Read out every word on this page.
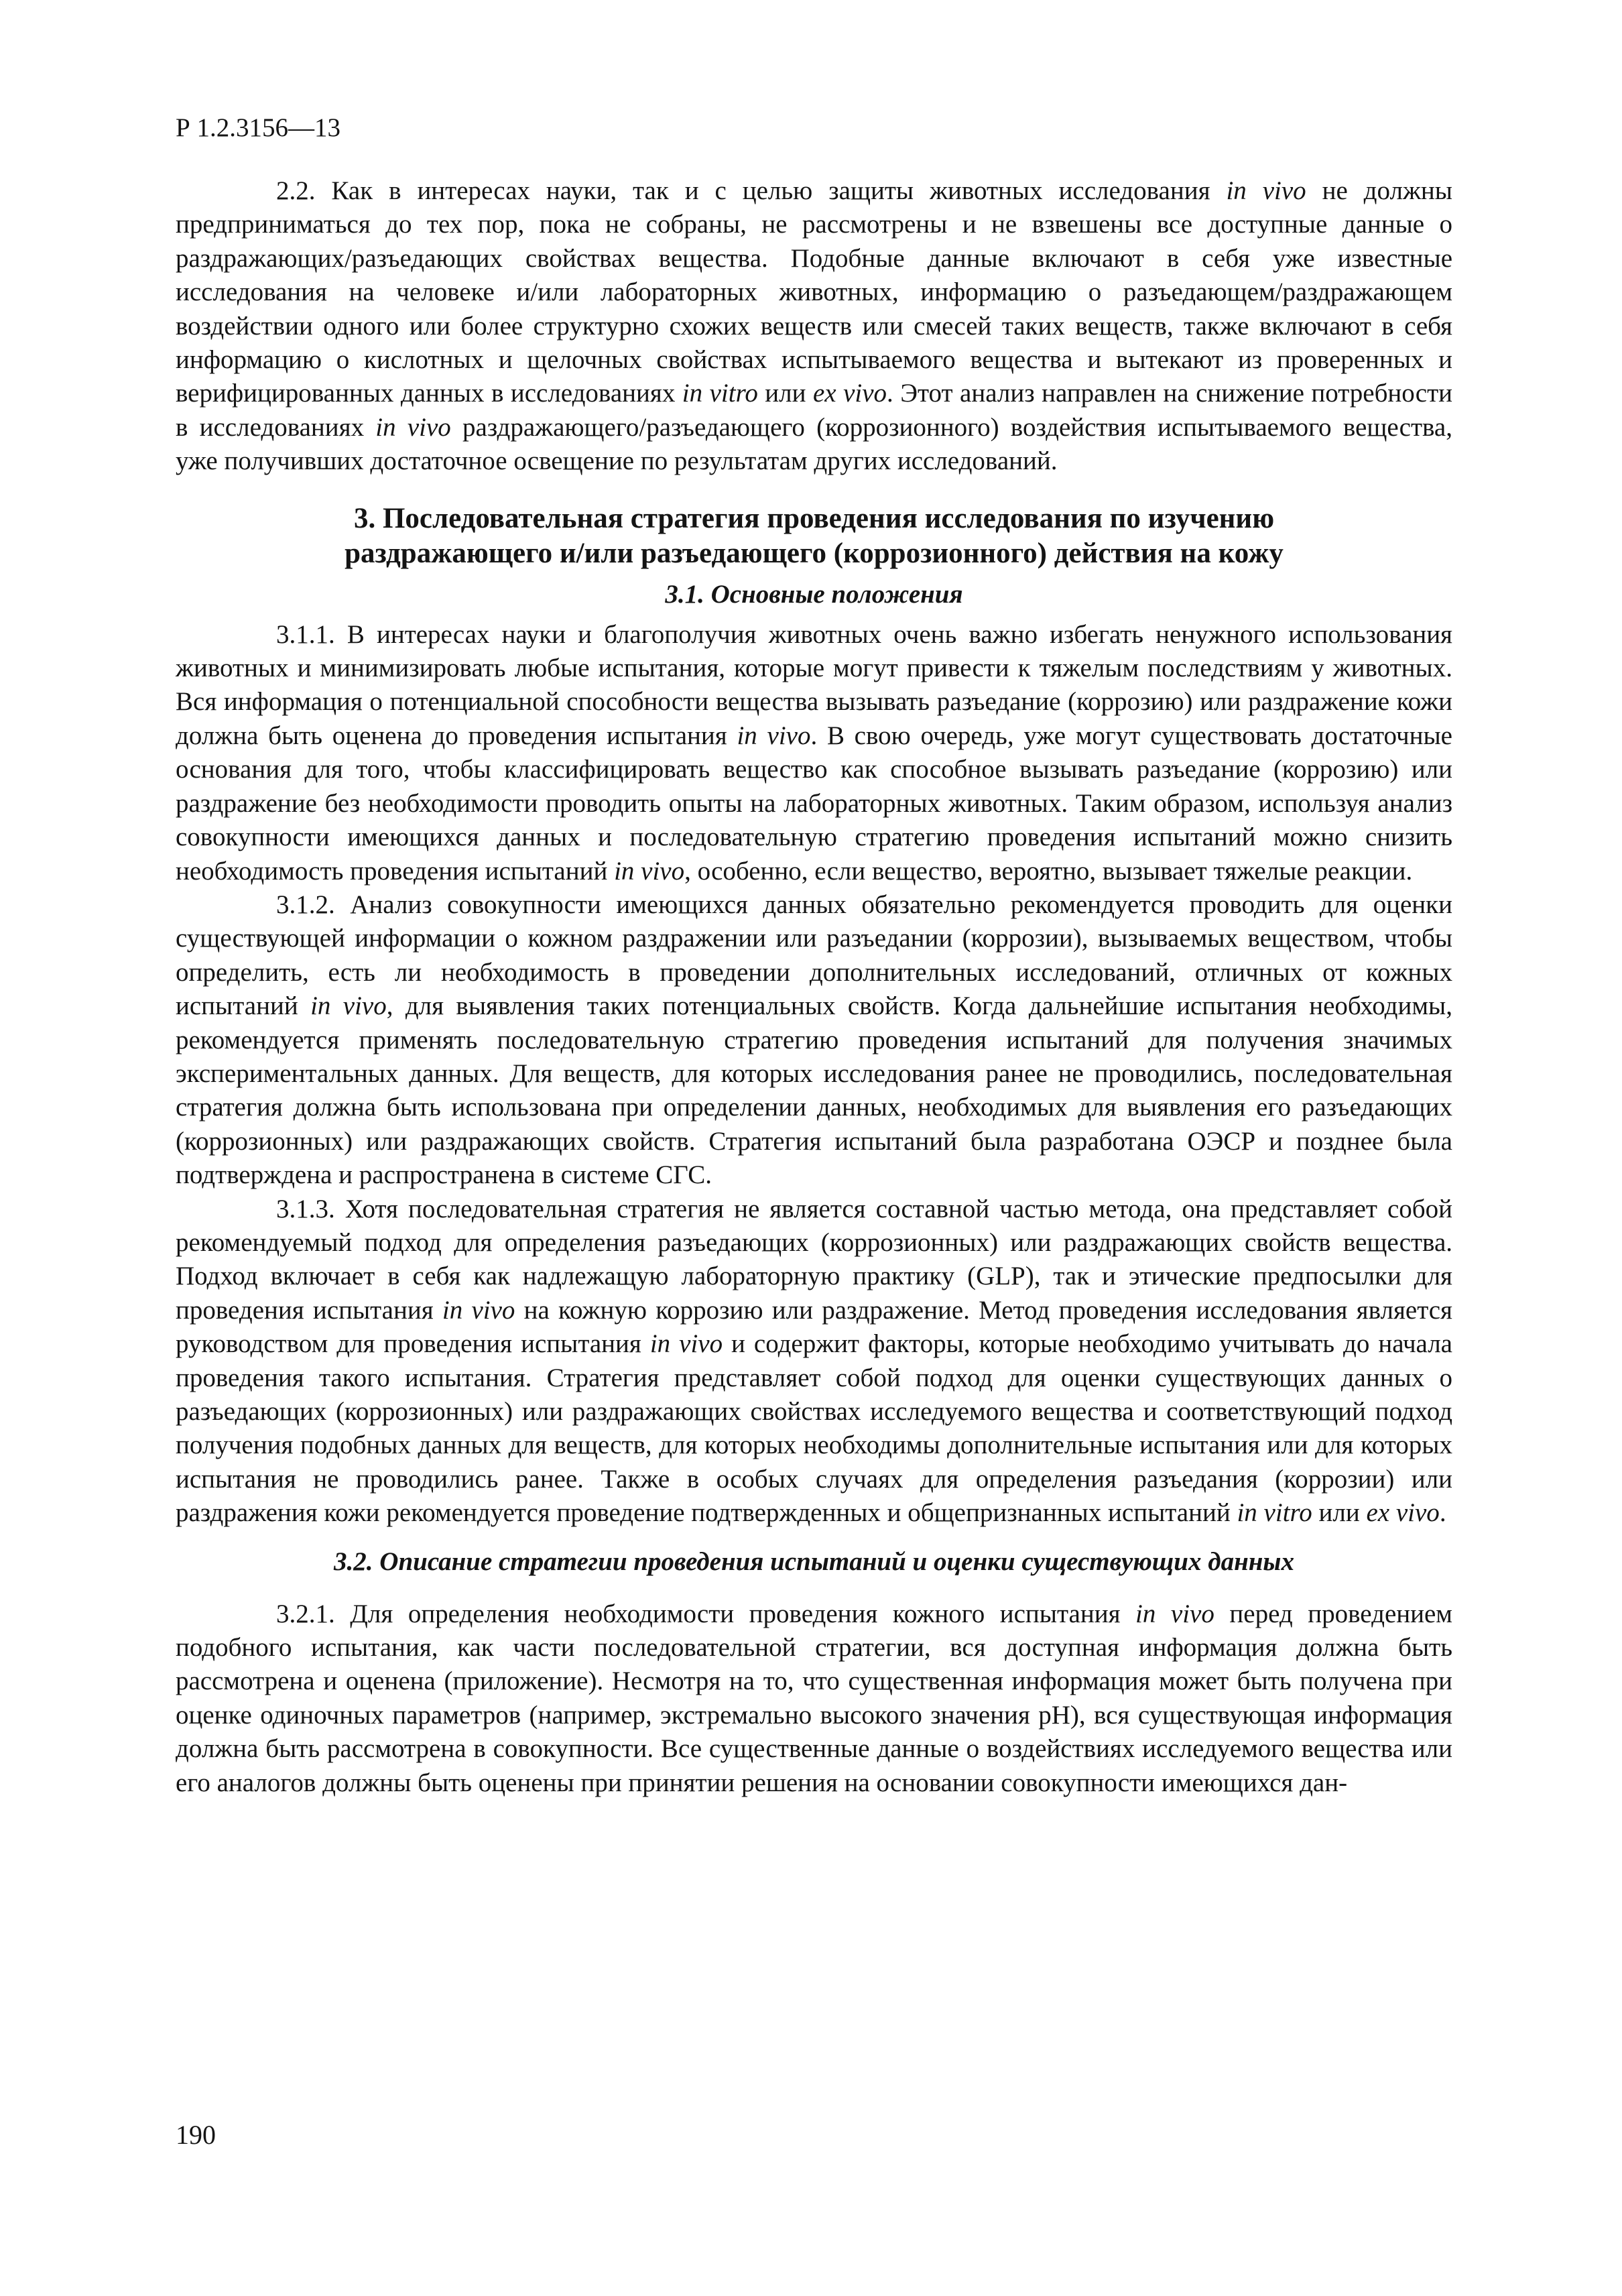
Р 1.2.3156—13

2.2. Как в интересах науки, так и с целью защиты животных исследования in vivo не должны предприниматься до тех пор, пока не собраны, не рассмотрены и не взвешены все доступные данные о раздражающих/разъедающих свойствах вещества. Подобные данные включают в себя уже известные исследования на человеке и/или лабораторных животных, информацию о разъедающем/раздражающем воздействии одного или более структурно схожих веществ или смесей таких веществ, также включают в себя информацию о кислотных и щелочных свойствах испытываемого вещества и вытекают из проверенных и верифицированных данных в исследованиях in vitro или ex vivo. Этот анализ направлен на снижение потребности в исследованиях in vivo раздражающего/разъедающего (коррозионного) воздействия испытываемого вещества, уже получивших достаточное освещение по результатам других исследований.

3. Последовательная стратегия проведения исследования по изучению
раздражающего и/или разъедающего (коррозионного) действия на кожу
3.1. Основные положения

3.1.1. В интересах науки и благополучия животных очень важно избегать ненужного использования животных и минимизировать любые испытания, которые могут привести к тяжелым последствиям у животных. Вся информация о потенциальной способности вещества вызывать разъедание (коррозию) или раздражение кожи должна быть оценена до проведения испытания in vivo. В свою очередь, уже могут существовать достаточные основания для того, чтобы классифицировать вещество как способное вызывать разъедание (коррозию) или раздражение без необходимости проводить опыты на лабораторных животных. Таким образом, используя анализ совокупности имеющихся данных и последовательную стратегию проведения испытаний можно снизить необходимость проведения испытаний in vivo, особенно, если вещество, вероятно, вызывает тяжелые реакции.

3.1.2. Анализ совокупности имеющихся данных обязательно рекомендуется проводить для оценки существующей информации о кожном раздражении или разъедании (коррозии), вызываемых веществом, чтобы определить, есть ли необходимость в проведении дополнительных исследований, отличных от кожных испытаний in vivo, для выявления таких потенциальных свойств. Когда дальнейшие испытания необходимы, рекомендуется применять последовательную стратегию проведения испытаний для получения значимых экспериментальных данных. Для веществ, для которых исследования ранее не проводились, последовательная стратегия должна быть использована при определении данных, необходимых для выявления его разъедающих (коррозионных) или раздражающих свойств. Стратегия испытаний была разработана ОЭСР и позднее была подтверждена и распространена в системе СГС.

3.1.3. Хотя последовательная стратегия не является составной частью метода, она представляет собой рекомендуемый подход для определения разъедающих (коррозионных) или раздражающих свойств вещества. Подход включает в себя как надлежащую лабораторную практику (GLP), так и этические предпосылки для проведения испытания in vivo на кожную коррозию или раздражение. Метод проведения исследования является руководством для проведения испытания in vivo и содержит факторы, которые необходимо учитывать до начала проведения такого испытания. Стратегия представляет собой подход для оценки существующих данных о разъедающих (коррозионных) или раздражающих свойствах исследуемого вещества и соответствующий подход получения подобных данных для веществ, для которых необходимы дополнительные испытания или для которых испытания не проводились ранее. Также в особых случаях для определения разъедания (коррозии) или раздражения кожи рекомендуется проведение подтвержденных и общепризнанных испытаний in vitro или ex vivo.

3.2. Описание стратегии проведения испытаний и оценки существующих данных

3.2.1. Для определения необходимости проведения кожного испытания in vivo перед проведением подобного испытания, как части последовательной стратегии, вся доступная информация должна быть рассмотрена и оценена (приложение). Несмотря на то, что существенная информация может быть получена при оценке одиночных параметров (например, экстремально высокого значения pH), вся существующая информация должна быть рассмотрена в совокупности. Все существенные данные о воздействиях исследуемого вещества или его аналогов должны быть оценены при принятии решения на основании совокупности имеющихся дан-

190
